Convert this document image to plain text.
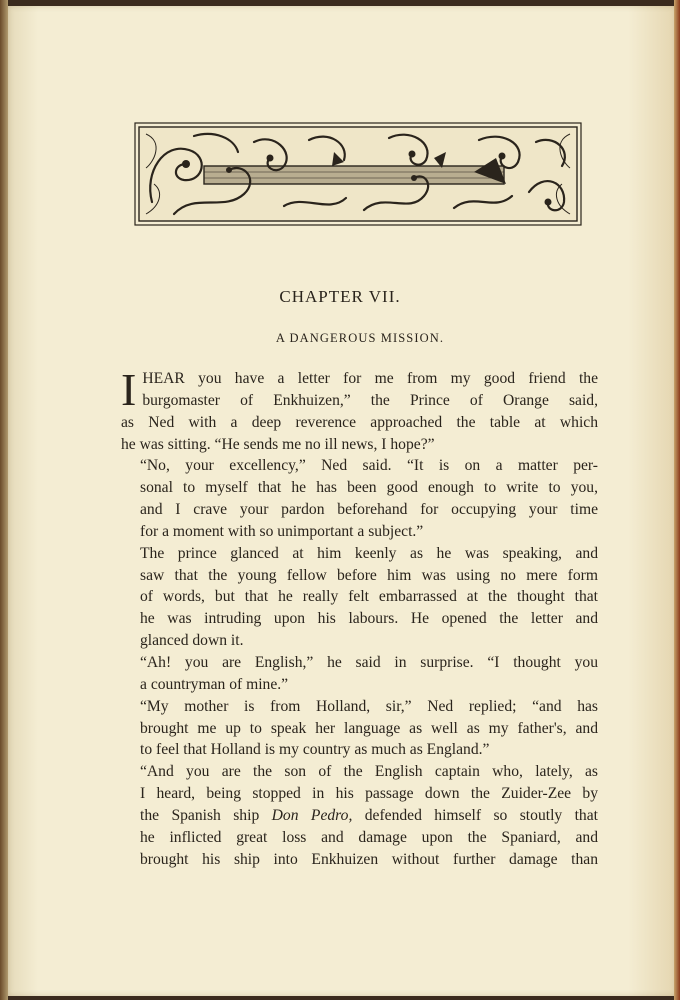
CHAPTER VII.
A DANGEROUS MISSION.

I HEAR you have a letter for me from my good friend the
burgomaster of Enkhuizen,” the Prince of Orange said,
as Ned with a deep reverence approached the table at which
he was sitting. “He sends me no ill news, I hope?”

“No, your excellency,” Ned said. “It is on a matter per-
sonal to myself that he has been good enough to write to you,
and I crave your pardon beforehand for occupying your time
for a moment with so unimportant a subject.”

The prince glanced at him keenly as he was speaking, and
saw that the young fellow before him was using no mere form
of words, but that he really felt embarrassed at the thought that
he was intruding upon his labours. He opened the letter and
glanced down it.

“Ah! you are English,” he said in surprise. “I thought you
a countryman of mine.”

“My mother is from Holland, sir,” Ned replied; “and has
brought me up to speak her language as well as my father's, and
to feel that Holland is my country as much as England.”

“And you are the son of the English captain who, lately, as
I heard, being stopped in his passage down the Zuider-Zee by
the Spanish ship Don Pedro, defended himself so stoutly that
he inflicted great loss and damage upon the Spaniard, and
brought his ship into Enkhuizen without further damage than
